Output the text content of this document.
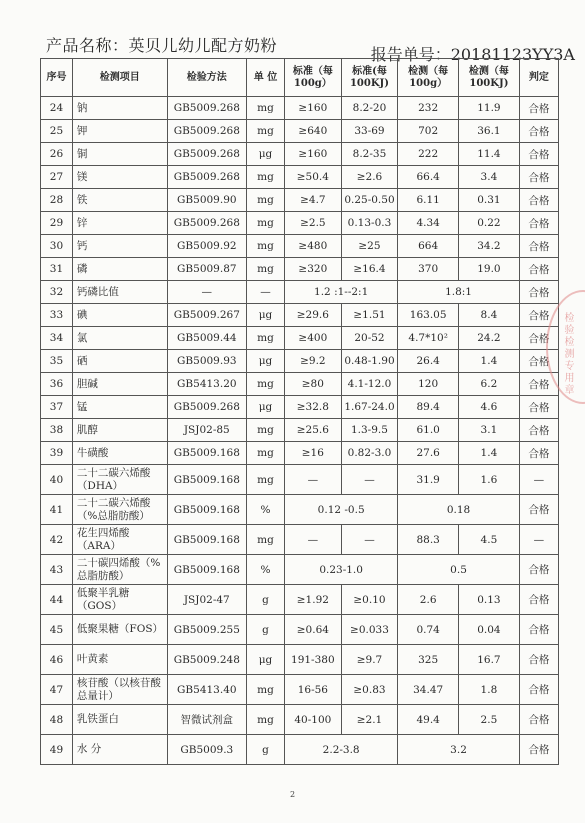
产品名称：英贝儿幼儿配方奶粉	报告单号：20181123YY3A
序号	检测项目	检验方法	单 位	标准（每100g）	标准(每100KJ)	检测（每100g）	检测（每100KJ)	判定
24	钠	GB5009.268	mg	≥160	8.2-20	232	11.9	合格
25	钾	GB5009.268	mg	≥640	33-69	702	36.1	合格
26	铜	GB5009.268	μg	≥160	8.2-35	222	11.4	合格
27	镁	GB5009.268	mg	≥50.4	≥2.6	66.4	3.4	合格
28	铁	GB5009.90	mg	≥4.7	0.25-0.50	6.11	0.31	合格
29	锌	GB5009.268	mg	≥2.5	0.13-0.3	4.34	0.22	合格
30	钙	GB5009.92	mg	≥480	≥25	664	34.2	合格
31	磷	GB5009.87	mg	≥320	≥16.4	370	19.0	合格
32	钙磷比值	—	—	1.2 :1--2:1		1.8:1		合格
33	碘	GB5009.267	μg	≥29.6	≥1.51	163.05	8.4	合格
34	氯	GB5009.44	mg	≥400	20-52	4.7*10²	24.2	合格
35	硒	GB5009.93	μg	≥9.2	0.48-1.90	26.4	1.4	合格
36	胆碱	GB5413.20	mg	≥80	4.1-12.0	120	6.2	合格
37	锰	GB5009.268	μg	≥32.8	1.67-24.0	89.4	4.6	合格
38	肌醇	JSJ02-85	mg	≥25.6	1.3-9.5	61.0	3.1	合格
39	牛磺酸	GB5009.168	mg	≥16	0.82-3.0	27.6	1.4	合格
40	二十二碳六烯酸（DHA）	GB5009.168	mg	—	—	31.9	1.6	—
41	二十二碳六烯酸（%总脂肪酸）	GB5009.168	%	0.12 -0.5		0.18		合格
42	花生四烯酸（ARA）	GB5009.168	mg	—	—	88.3	4.5	—
43	二十碳四烯酸（%总脂肪酸）	GB5009.168	%	0.23-1.0		0.5		合格
44	低聚半乳糖（GOS）	JSJ02-47	g	≥1.92	≥0.10	2.6	0.13	合格
45	低聚果糖（FOS）	GB5009.255	g	≥0.64	≥0.033	0.74	0.04	合格
46	叶黄素	GB5009.248	μg	191-380	≥9.7	325	16.7	合格
47	核苷酸（以核苷酸总量计）	GB5413.40	mg	16-56	≥0.83	34.47	1.8	合格
48	乳铁蛋白	智微试剂盒	mg	40-100	≥2.1	49.4	2.5	合格
49	水 分	GB5009.3	g	2.2-3.8		3.2		合格
检验检测专用章
2
